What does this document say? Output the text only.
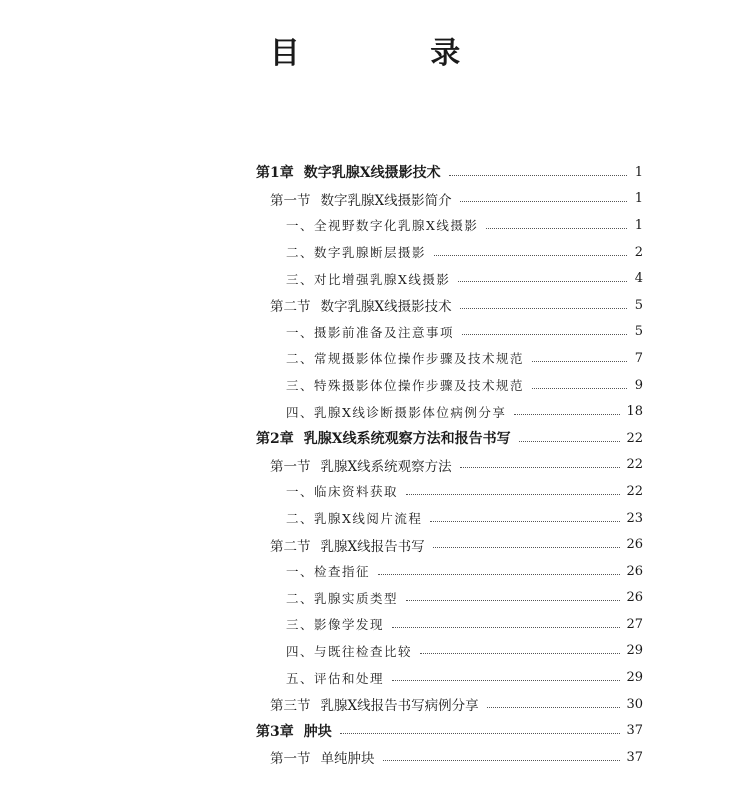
目 录
第1章 数字乳腺X线摄影技术	1
第一节 数字乳腺X线摄影简介	1
一、全视野数字化乳腺X线摄影	1
二、数字乳腺断层摄影	2
三、对比增强乳腺X线摄影	4
第二节 数字乳腺X线摄影技术	5
一、摄影前准备及注意事项	5
二、常规摄影体位操作步骤及技术规范	7
三、特殊摄影体位操作步骤及技术规范	9
四、乳腺X线诊断摄影体位病例分享	18
第2章 乳腺X线系统观察方法和报告书写	22
第一节 乳腺X线系统观察方法	22
一、临床资料获取	22
二、乳腺X线阅片流程	23
第二节 乳腺X线报告书写	26
一、检查指征	26
二、乳腺实质类型	26
三、影像学发现	27
四、与既往检查比较	29
五、评估和处理	29
第三节 乳腺X线报告书写病例分享	30
第3章 肿块	37
第一节 单纯肿块	37
